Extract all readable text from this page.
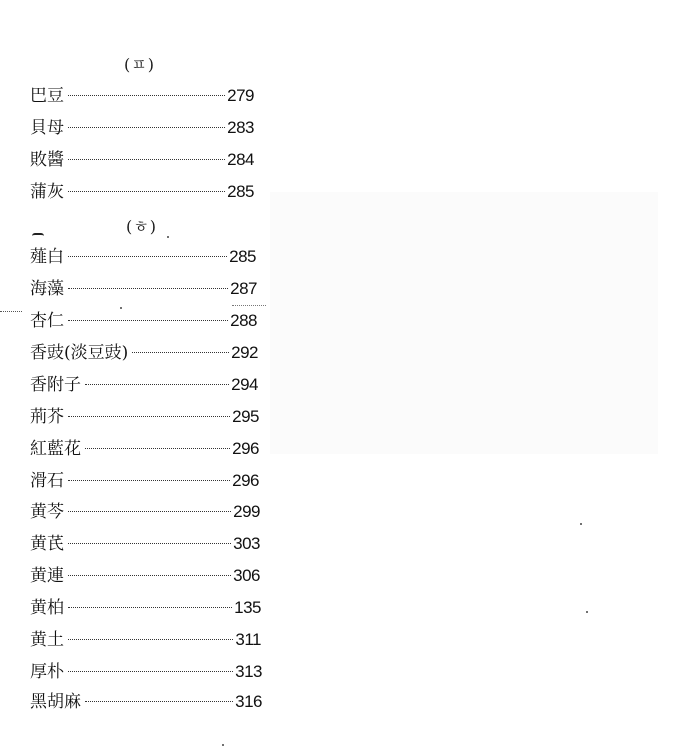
(ㅍ)
巴豆	279
貝母	283
敗醬	284
蒲灰	285
(ㅎ)
薤白	285
海藻	287
杏仁	288
香豉(淡豆豉)	292
香附子	294
荊芥	295
紅藍花	296
滑石	296
黄芩	299
黄芪	303
黄連	306
黄柏	135
黄土	311
厚朴	313
黑胡麻	316
